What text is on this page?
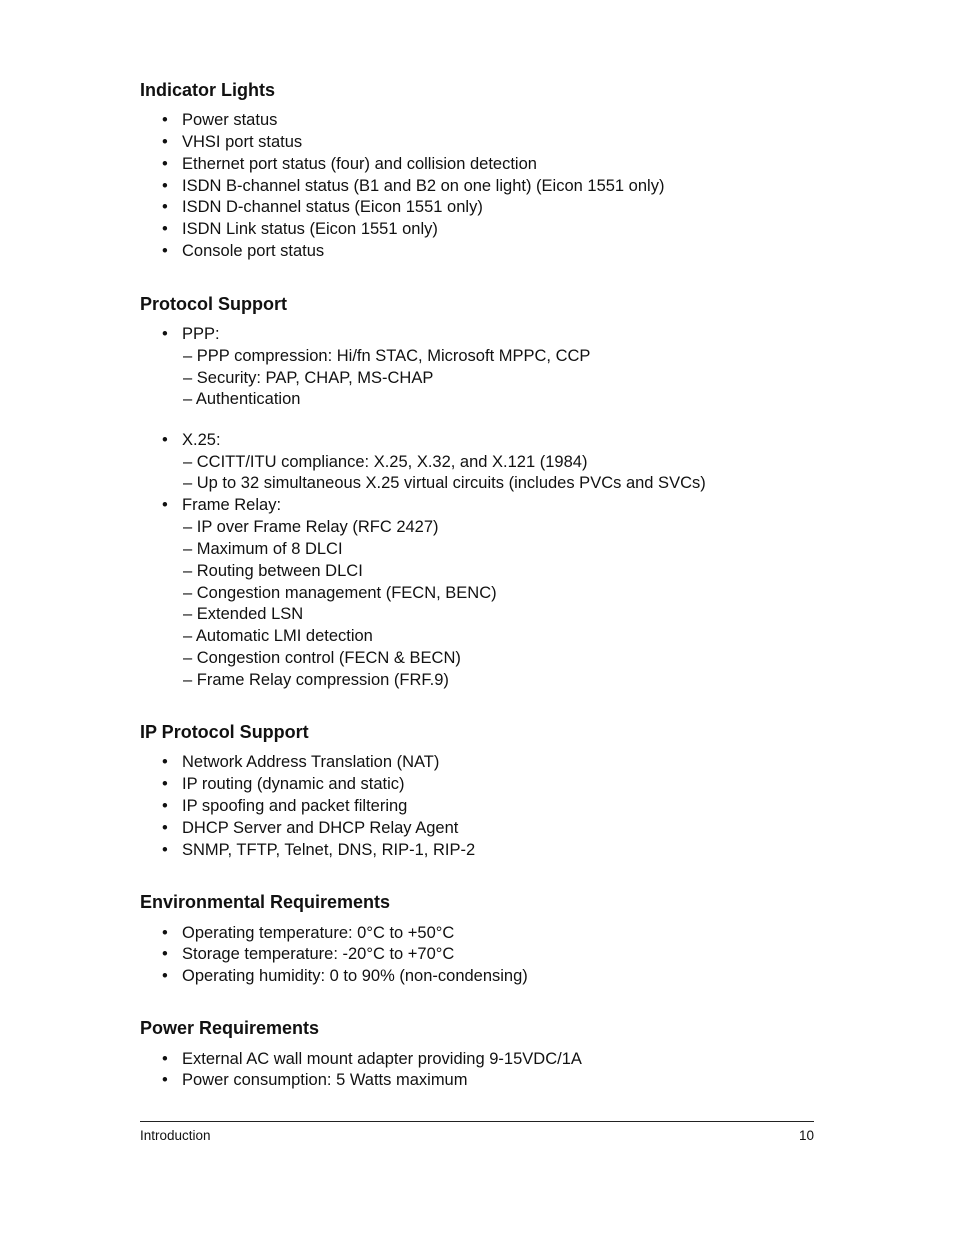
Indicator Lights
• Power status
• VHSI port status
• Ethernet port status (four) and collision detection
• ISDN B-channel status (B1 and B2 on one light) (Eicon 1551 only)
• ISDN D-channel status (Eicon 1551 only)
• ISDN Link status (Eicon 1551 only)
• Console port status
Protocol Support
• PPP:
– PPP compression: Hi/fn STAC, Microsoft MPPC, CCP
– Security: PAP, CHAP, MS-CHAP
– Authentication
• X.25:
– CCITT/ITU compliance: X.25, X.32, and X.121 (1984)
– Up to 32 simultaneous X.25 virtual circuits (includes PVCs and SVCs)
• Frame Relay:
– IP over Frame Relay (RFC 2427)
– Maximum of 8 DLCI
– Routing between DLCI
– Congestion management (FECN, BENC)
– Extended LSN
– Automatic LMI detection
– Congestion control (FECN & BECN)
– Frame Relay compression (FRF.9)
IP Protocol Support
• Network Address Translation (NAT)
• IP routing (dynamic and static)
• IP spoofing and packet filtering
• DHCP Server and DHCP Relay Agent
• SNMP, TFTP, Telnet, DNS, RIP-1, RIP-2
Environmental Requirements
• Operating temperature: 0°C to +50°C
• Storage temperature: -20°C to +70°C
• Operating humidity: 0 to 90% (non-condensing)
Power Requirements
• External AC wall mount adapter providing 9-15VDC/1A
• Power consumption: 5 Watts maximum
Introduction	10
